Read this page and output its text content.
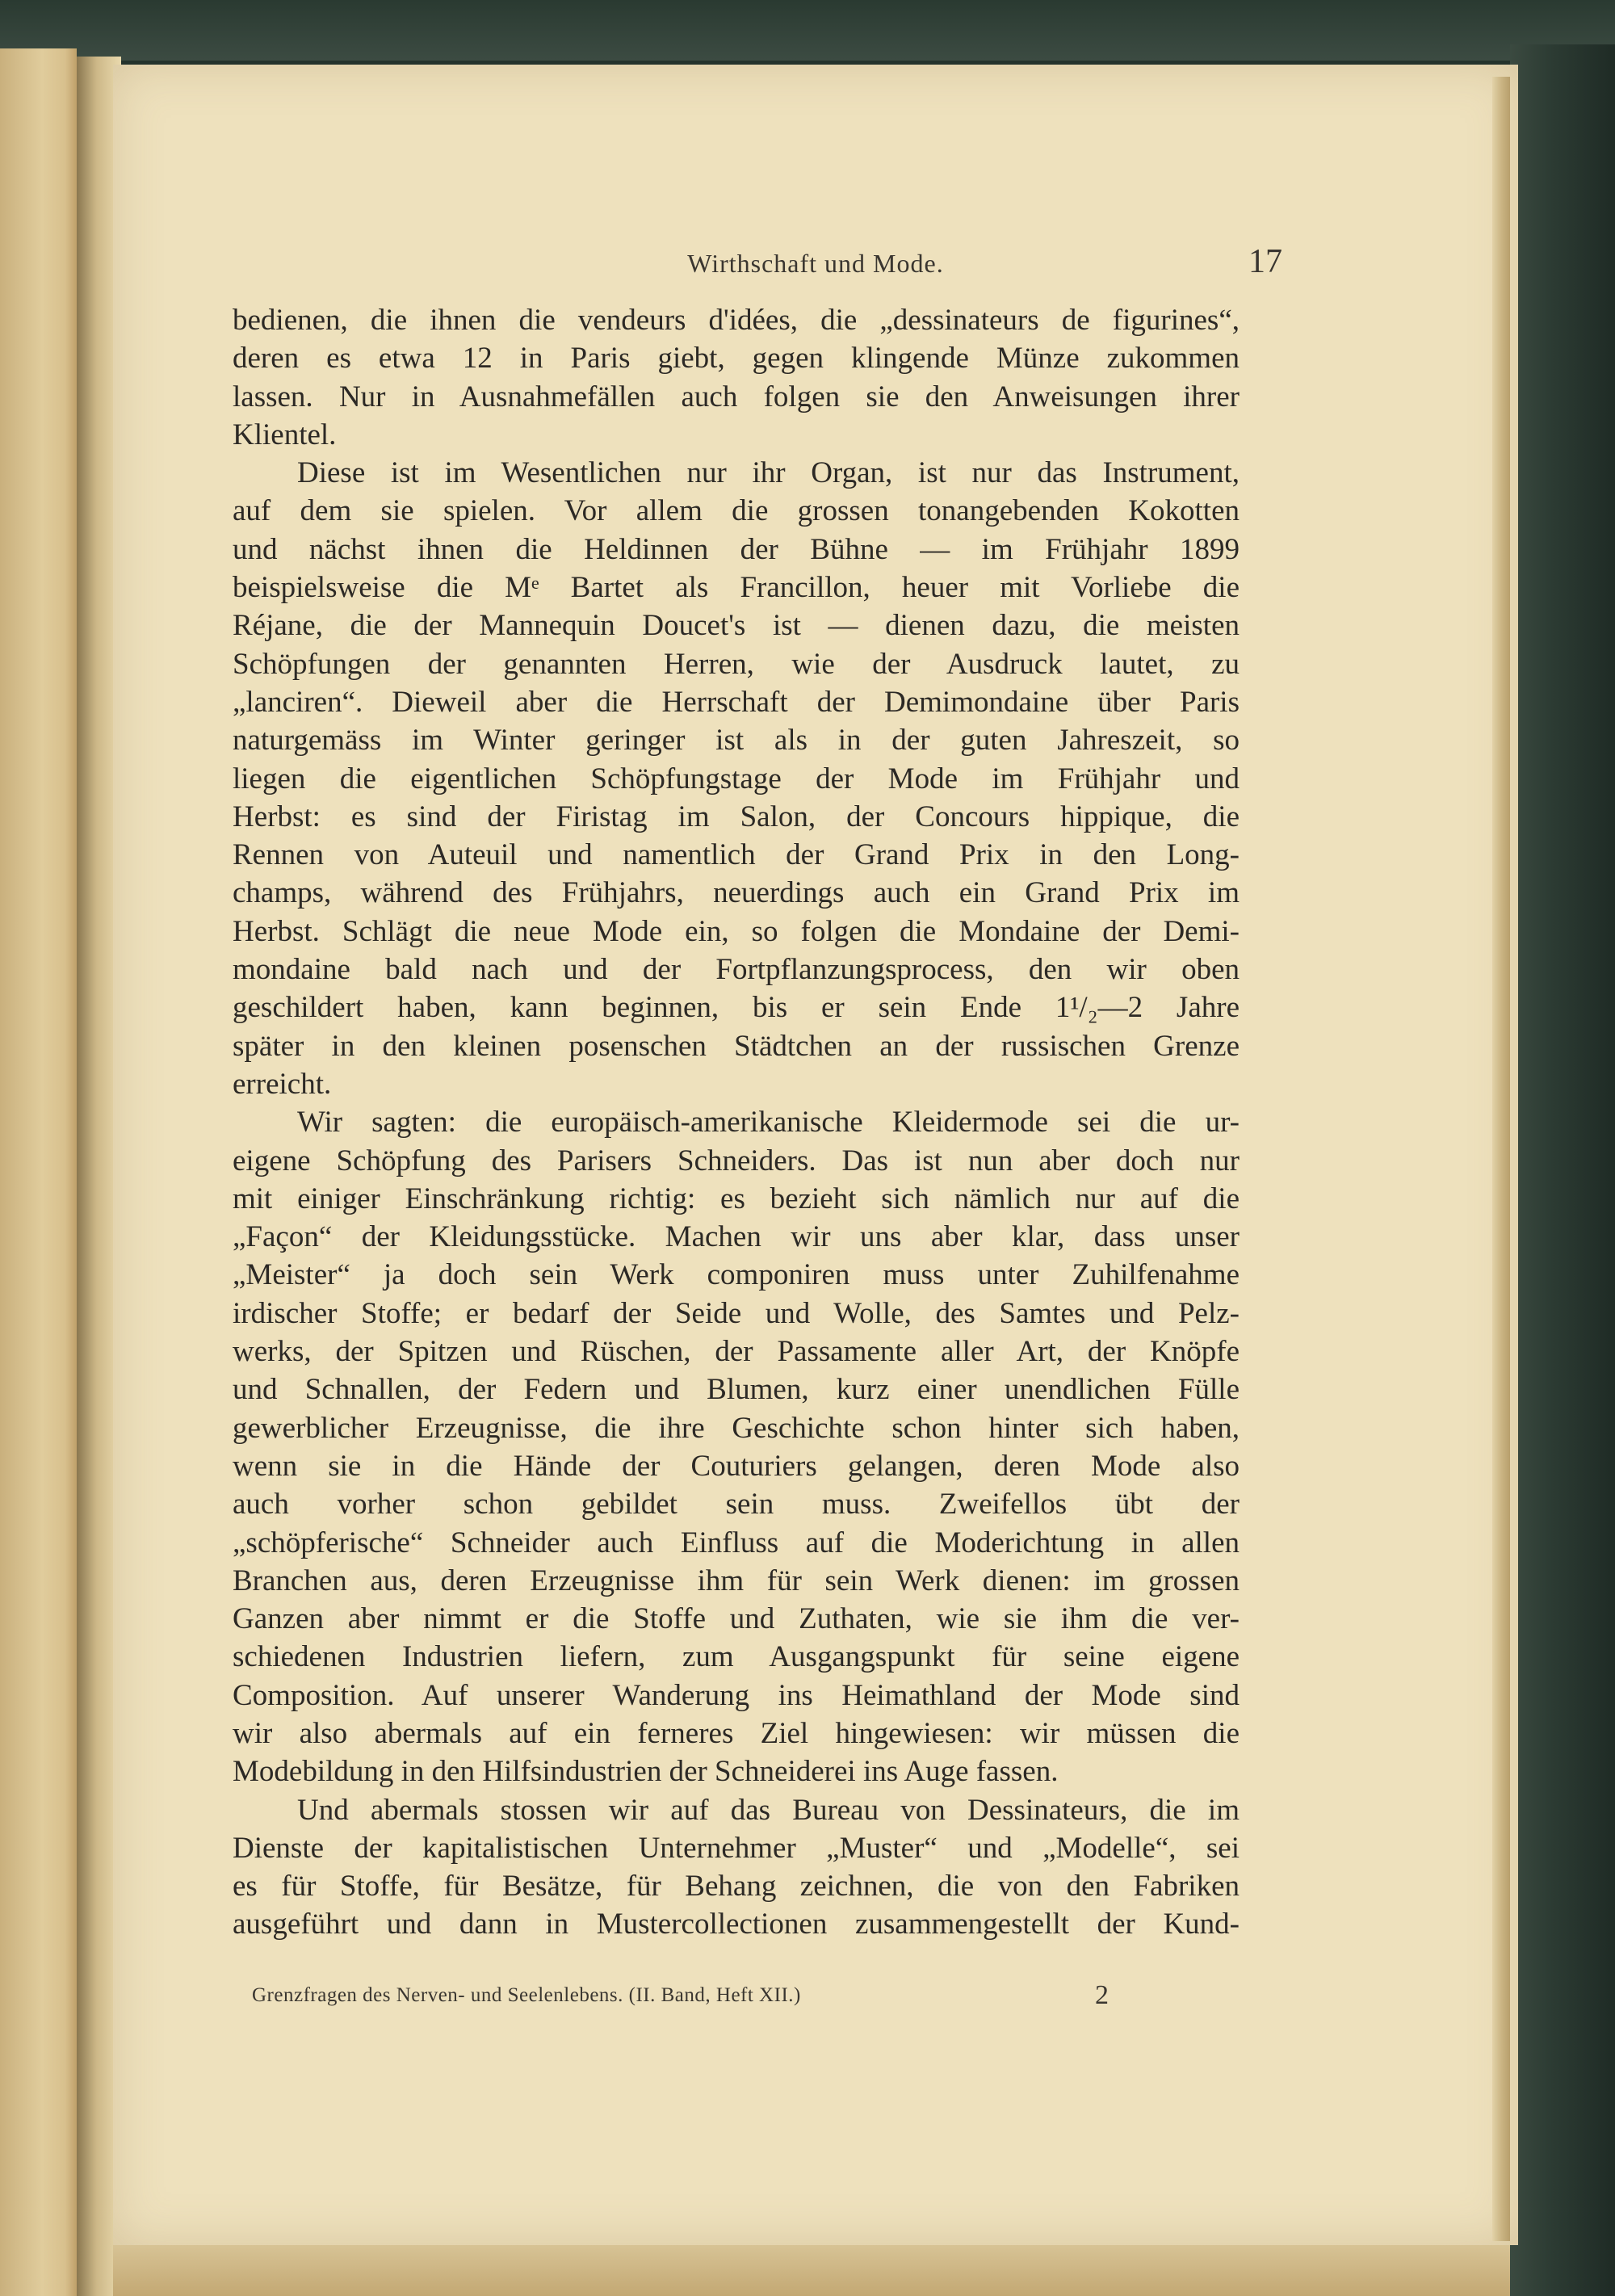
Wirthschaft und Mode.	17
bedienen, die ihnen die vendeurs d'idées, die „dessinateurs de figurines“,
deren es etwa 12 in Paris giebt, gegen klingende Münze zukommen
lassen. Nur in Ausnahmefällen auch folgen sie den Anweisungen ihrer
Klientel.
Diese ist im Wesentlichen nur ihr Organ, ist nur das Instrument,
auf dem sie spielen. Vor allem die grossen tonangebenden Kokotten
und nächst ihnen die Heldinnen der Bühne — im Frühjahr 1899
beispielsweise die Mᵉ Bartet als Francillon, heuer mit Vorliebe die
Réjane, die der Mannequin Doucet's ist — dienen dazu, die meisten
Schöpfungen der genannten Herren, wie der Ausdruck lautet, zu
„lanciren“. Dieweil aber die Herrschaft der Demimondaine über Paris
naturgemäss im Winter geringer ist als in der guten Jahreszeit, so
liegen die eigentlichen Schöpfungstage der Mode im Frühjahr und
Herbst: es sind der Firistag im Salon, der Concours hippique, die
Rennen von Auteuil und namentlich der Grand Prix in den Long-
champs, während des Frühjahrs, neuerdings auch ein Grand Prix im
Herbst. Schlägt die neue Mode ein, so folgen die Mondaine der Demi-
mondaine bald nach und der Fortpflanzungsprocess, den wir oben
geschildert haben, kann beginnen, bis er sein Ende 1¹/₂—2 Jahre
später in den kleinen posenschen Städtchen an der russischen Grenze
erreicht.
Wir sagten: die europäisch-amerikanische Kleidermode sei die ur-
eigene Schöpfung des Parisers Schneiders. Das ist nun aber doch nur
mit einiger Einschränkung richtig: es bezieht sich nämlich nur auf die
„Façon“ der Kleidungsstücke. Machen wir uns aber klar, dass unser
„Meister“ ja doch sein Werk componiren muss unter Zuhilfenahme
irdischer Stoffe; er bedarf der Seide und Wolle, des Samtes und Pelz-
werks, der Spitzen und Rüschen, der Passamente aller Art, der Knöpfe
und Schnallen, der Federn und Blumen, kurz einer unendlichen Fülle
gewerblicher Erzeugnisse, die ihre Geschichte schon hinter sich haben,
wenn sie in die Hände der Couturiers gelangen, deren Mode also
auch vorher schon gebildet sein muss. Zweifellos übt der
„schöpferische“ Schneider auch Einfluss auf die Moderichtung in allen
Branchen aus, deren Erzeugnisse ihm für sein Werk dienen: im grossen
Ganzen aber nimmt er die Stoffe und Zuthaten, wie sie ihm die ver-
schiedenen Industrien liefern, zum Ausgangspunkt für seine eigene
Composition. Auf unserer Wanderung ins Heimathland der Mode sind
wir also abermals auf ein ferneres Ziel hingewiesen: wir müssen die
Modebildung in den Hilfsindustrien der Schneiderei ins Auge fassen.
Und abermals stossen wir auf das Bureau von Dessinateurs, die im
Dienste der kapitalistischen Unternehmer „Muster“ und „Modelle“, sei
es für Stoffe, für Besätze, für Behang zeichnen, die von den Fabriken
ausgeführt und dann in Mustercollectionen zusammengestellt der Kund-
Grenzfragen des Nerven- und Seelenlebens. (II. Band, Heft XII.)	2
